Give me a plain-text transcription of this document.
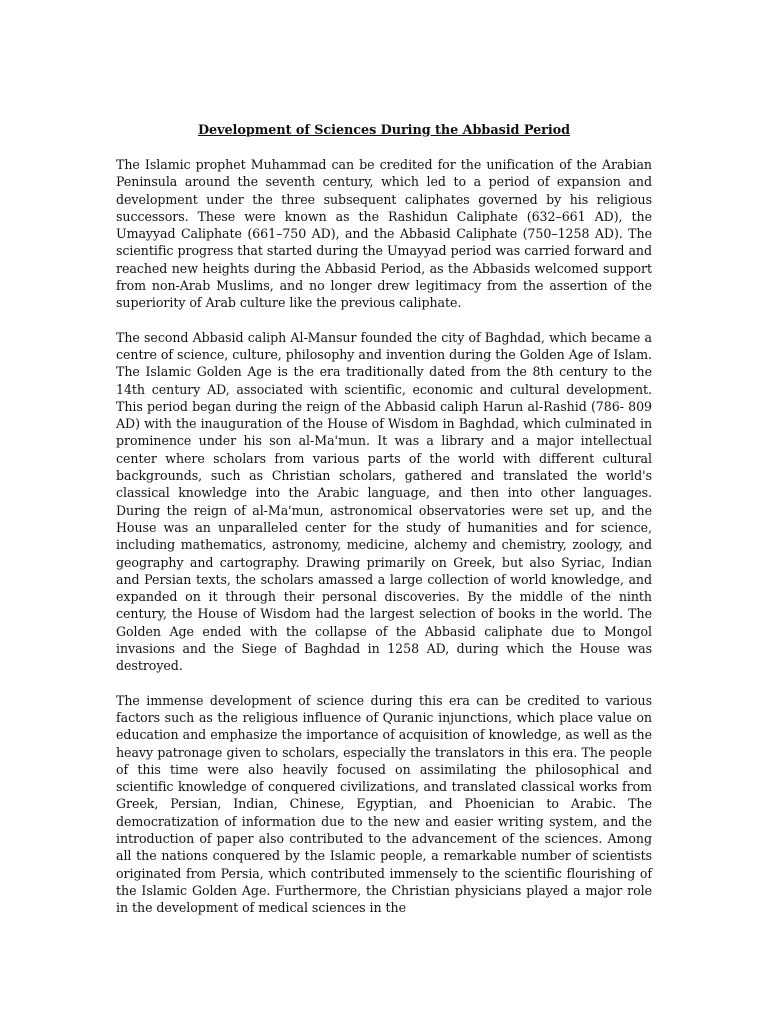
Development of Sciences During the Abbasid Period

The Islamic prophet Muhammad can be credited for the unification of the Arabian Peninsula around the seventh century, which led to a period of expansion and development under the three subsequent caliphates governed by his religious successors. These were known as the Rashidun Caliphate (632–661 AD), the Umayyad Caliphate (661–750 AD), and the Abbasid Caliphate (750–1258 AD). The scientific progress that started during the Umayyad period was carried forward and reached new heights during the Abbasid Period, as the Abbasids welcomed support from non-Arab Muslims, and no longer drew legitimacy from the assertion of the superiority of Arab culture like the previous caliphate.

The second Abbasid caliph Al-Mansur founded the city of Baghdad, which became a centre of science, culture, philosophy and invention during the Golden Age of Islam. The Islamic Golden Age is the era traditionally dated from the 8th century to the 14th century AD, associated with scientific, economic and cultural development. This period began during the reign of the Abbasid caliph Harun al-Rashid (786- 809 AD) with the inauguration of the House of Wisdom in Baghdad, which culminated in prominence under his son al-Ma'mun. It was a library and a major intellectual center where scholars from various parts of the world with different cultural backgrounds, such as Christian scholars, gathered and translated the world's classical knowledge into the Arabic language, and then into other languages. During the reign of al-Ma'mun, astronomical observatories were set up, and the House was an unparalleled center for the study of humanities and for science, including mathematics, astronomy, medicine, alchemy and chemistry, zoology, and geography and cartography. Drawing primarily on Greek, but also Syriac, Indian and Persian texts, the scholars amassed a large collection of world knowledge, and expanded on it through their personal discoveries. By the middle of the ninth century, the House of Wisdom had the largest selection of books in the world. The Golden Age ended with the collapse of the Abbasid caliphate due to Mongol invasions and the Siege of Baghdad in 1258 AD, during which the House was destroyed.

The immense development of science during this era can be credited to various factors such as the religious influence of Quranic injunctions, which place value on education and emphasize the importance of acquisition of knowledge, as well as the heavy patronage given to scholars, especially the translators in this era. The people of this time were also heavily focused on assimilating the philosophical and scientific knowledge of conquered civilizations, and translated classical works from Greek, Persian, Indian, Chinese, Egyptian, and Phoenician to Arabic. The democratization of information due to the new and easier writing system, and the introduction of paper also contributed to the advancement of the sciences. Among all the nations conquered by the Islamic people, a remarkable number of scientists originated from Persia, which contributed immensely to the scientific flourishing of the Islamic Golden Age. Furthermore, the Christian physicians played a major role in the development of medical sciences in the
